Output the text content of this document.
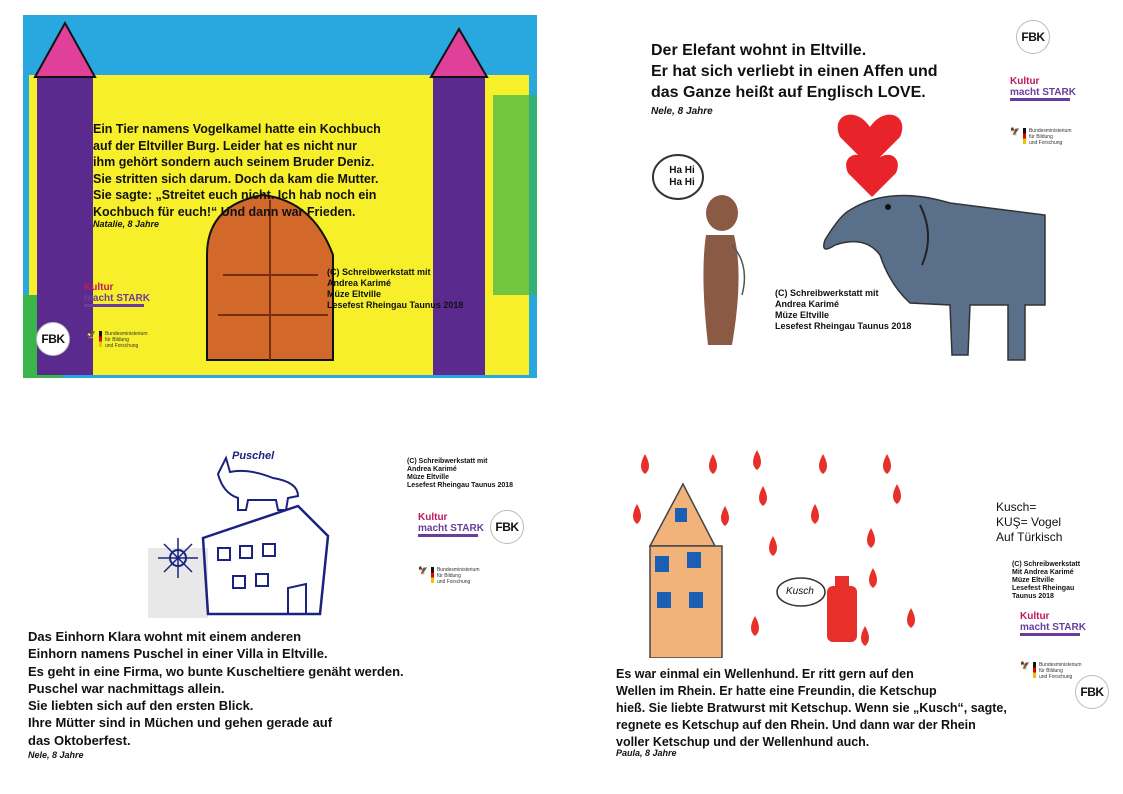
Ein Tier namens Vogelkamel hatte ein Kochbuch
auf der Eltviller Burg. Leider hat es nicht nur
ihm gehört sondern auch seinem Bruder Deniz.
Sie stritten sich darum. Doch da kam die Mutter.
Sie sagte: „Streitet euch nicht. Ich hab noch ein
Kochbuch für euch!“ Und dann war Frieden.
Natalie, 8 Jahre
(C) Schreibwerkstatt mit
Andrea Karimé
Müze Eltville
Lesefest Rheingau Taunus 2018
Kultur
macht STARK
FBK	🦅 Bundesministerium
für Bildung
und Forschung
Der Elefant wohnt in Eltville.
Er hat sich verliebt in einen Affen und
das Ganze heißt auf Englisch LOVE.
Nele, 8 Jahre
FBK
Kultur
macht STARK
🦅 Bundesministerium
für Bildung
und Forschung
Ha Hi
Ha Hi
(C) Schreibwerkstatt mit
Andrea Karimé
Müze Eltville
Lesefest Rheingau Taunus 2018
Puschel	(C) Schreibwerkstatt mit
Andrea Karimé
Müze Eltville
Lesefest Rheingau Taunus 2018
Kultur
macht STARK FBK
🦅 Bundesministerium
für Bildung
und Forschung
Das Einhorn Klara wohnt mit einem anderen
Einhorn namens Puschel in einer Villa in Eltville.
Es geht in eine Firma, wo bunte Kuscheltiere genäht werden.
Puschel war nachmittags allein.
Sie liebten sich auf den ersten Blick.
Ihre Mütter sind in Müchen und gehen gerade auf
das Oktoberfest.
Nele, 8 Jahre
Kusch
Kusch=
KUŞ= Vogel
Auf Türkisch
(C) Schreibwerkstatt
Mit Andrea Karimé
Müze Eltville
Lesefest Rheingau
Taunus 2018
Kultur
macht STARK
🦅 Bundesministerium
für Bildung
und Forschung
FBK
Es war einmal ein Wellenhund. Er ritt gern auf den
Wellen im Rhein. Er hatte eine Freundin, die Ketschup
hieß. Sie liebte Bratwurst mit Ketschup. Wenn sie „Kusch“, sagte,
regnete es Ketschup auf den Rhein. Und dann war der Rhein
voller Ketschup und der Wellenhund auch.
Paula, 8 Jahre
